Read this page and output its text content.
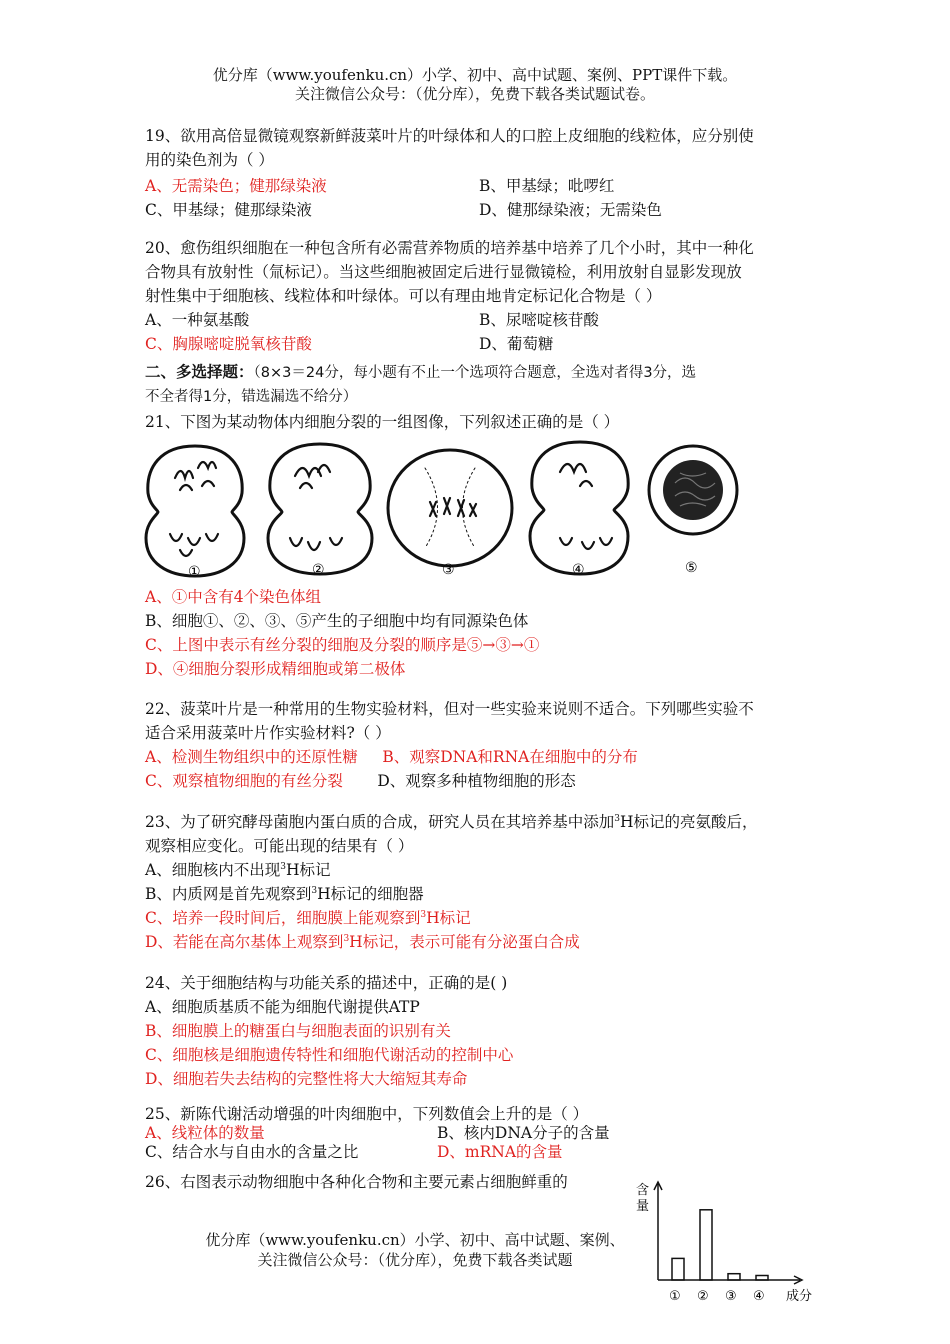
优分库（www.youfenku.cn）小学、初中、高中试题、案例、PPT课件下载。
关注微信公众号：（优分库），免费下载各类试题试卷。
19、欲用高倍显微镜观察新鲜菠菜叶片的叶绿体和人的口腔上皮细胞的线粒体，应分别使
用的染色剂为（ ）
A、无需染色；健那绿染液	B、甲基绿；吡啰红
C、甲基绿；健那绿染液	D、健那绿染液；无需染色
20、愈伤组织细胞在一种包含所有必需营养物质的培养基中培养了几个小时，其中一种化
合物具有放射性（氚标记）。当这些细胞被固定后进行显微镜检，利用放射自显影发现放
射性集中于细胞核、线粒体和叶绿体。可以有理由地肯定标记化合物是（ ）
A、一种氨基酸	B、尿嘧啶核苷酸
C、胸腺嘧啶脱氧核苷酸	D、葡萄糖
二、多选择题：（8×3＝24分，每小题有不止一个选项符合题意，全选对者得3分，选
不全者得1分，错选漏选不给分）
21、下图为某动物体内细胞分裂的一组图像，下列叙述正确的是（ ）
①	②	③	④	⑤
A、①中含有4个染色体组
B、细胞①、②、③、⑤产生的子细胞中均有同源染色体
C、上图中表示有丝分裂的细胞及分裂的顺序是⑤→③→①
D、④细胞分裂形成精细胞或第二极体
22、菠菜叶片是一种常用的生物实验材料，但对一些实验来说则不适合。下列哪些实验不
适合采用菠菜叶片作实验材料?（ ）
A、检测生物组织中的还原性糖 B、观察DNA和RNA在细胞中的分布
C、观察植物细胞的有丝分裂 D、观察多种植物细胞的形态
23、为了研究酵母菌胞内蛋白质的合成，研究人员在其培养基中添加$^3$H标记的亮氨酸后，
观察相应变化。可能出现的结果有（ ）
A、细胞核内不出现$^3$H标记
B、内质网是首先观察到$^3$H标记的细胞器
C、培养一段时间后，细胞膜上能观察到$^3$H标记
D、若能在高尔基体上观察到$^3$H标记，表示可能有分泌蛋白合成
24、关于细胞结构与功能关系的描述中，正确的是( )
A、细胞质基质不能为细胞代谢提供ATP
B、细胞膜上的糖蛋白与细胞表面的识别有关
C、细胞核是细胞遗传特性和细胞代谢活动的控制中心
D、细胞若失去结构的完整性将大大缩短其寿命
25、新陈代谢活动增强的叶肉细胞中，下列数值会上升的是（ ）
A、线粒体的数量	B、核内DNA分子的含量
C、结合水与自由水的含量之比	D、mRNA的含量
26、右图表示动物细胞中各种化合物和主要元素占细胞鲜重的
优分库（www.youfenku.cn）小学、初中、高中试题、案例、
关注微信公众号：（优分库），免费下载各类试题
含
量
成分
① ② ③ ④
